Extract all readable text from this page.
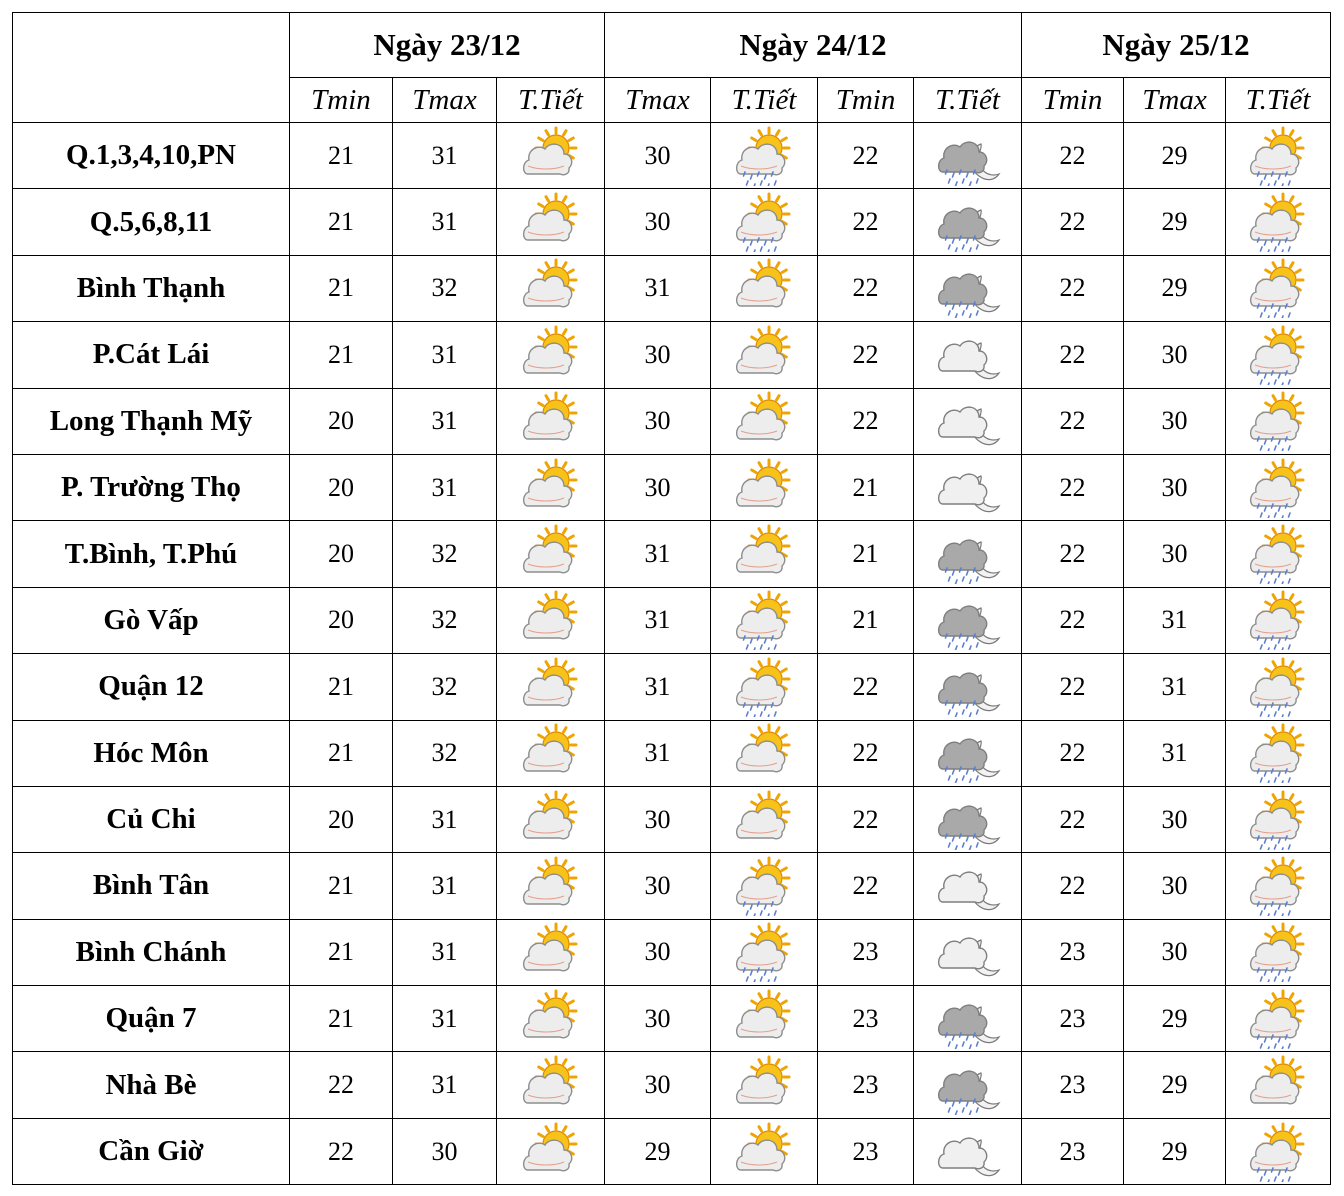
	Ngày 23/12			Ngày 24/12				Ngày 25/12		
	Tmin	Tmax	T.Tiết	Tmax	T.Tiết	Tmin	T.Tiết	Tmin	Tmax	T.Tiết
Q.1,3,4,10,PN	21	31		30		22		22	29	

Q.5,6,8,11	21	31		30		22		22	29	

Bình Thạnh	21	32		31		22		22	29	

P.Cát Lái	21	31		30		22		22	30	

Long Thạnh Mỹ	20	31		30		22		22	30	

P. Trường Thọ	20	31		30		21		22	30	

T.Bình, T.Phú	20	32		31		21		22	30	

Gò Vấp	20	32		31		21		22	31	

Quận 12	21	32		31		22		22	31	

Hóc Môn	21	32		31		22		22	31	

Củ Chi	20	31		30		22		22	30	

Bình Tân	21	31		30		22		22	30	

Bình Chánh	21	31		30		23		23	30	

Quận 7	21	31		30		23		23	29	

Nhà Bè	22	31		30		23		23	29	

Cần Giờ	22	30		29		23		23	29	
